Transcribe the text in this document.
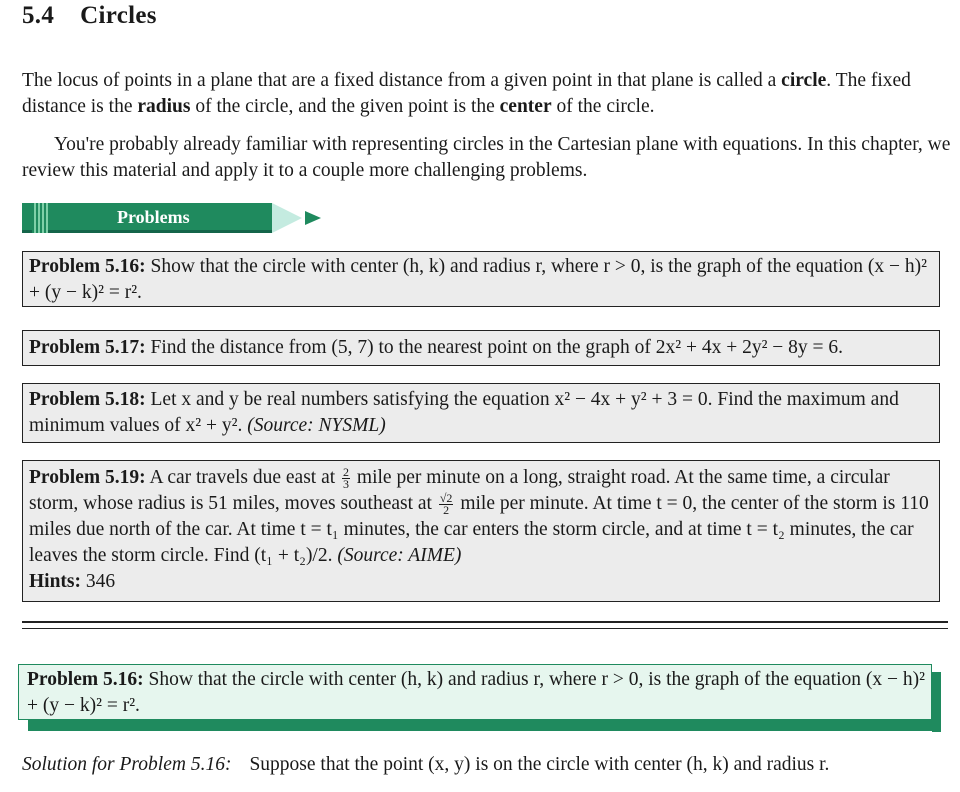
5.4 Circles
The locus of points in a plane that are a fixed distance from a given point in that plane is called a circle. The fixed distance is the radius of the circle, and the given point is the center of the circle.
You're probably already familiar with representing circles in the Cartesian plane with equations. In this chapter, we review this material and apply it to a couple more challenging problems.
Problems
Problem 5.16: Show that the circle with center (h, k) and radius r, where r > 0, is the graph of the equation (x − h)² + (y − k)² = r².
Problem 5.17: Find the distance from (5, 7) to the nearest point on the graph of 2x² + 4x + 2y² − 8y = 6.
Problem 5.18: Let x and y be real numbers satisfying the equation x² − 4x + y² + 3 = 0. Find the maximum and minimum values of x² + y². (Source: NYSML)
Problem 5.19: A car travels due east at $\frac{2}{3}$ mile per minute on a long, straight road. At the same time, a circular storm, whose radius is 51 miles, moves southeast at $\frac{√2}{2}$ mile per minute. At time t = 0, the center of the storm is 110 miles due north of the car. At time t = t₁ minutes, the car enters the storm circle, and at time t = t₂ minutes, the car leaves the storm circle. Find (t₁ + t₂)/2. (Source: AIME)
Hints: 346
Problem 5.16: Show that the circle with center (h, k) and radius r, where r > 0, is the graph of the equation (x − h)² + (y − k)² = r².
Solution for Problem 5.16: Suppose that the point (x, y) is on the circle with center (h, k) and radius r.
